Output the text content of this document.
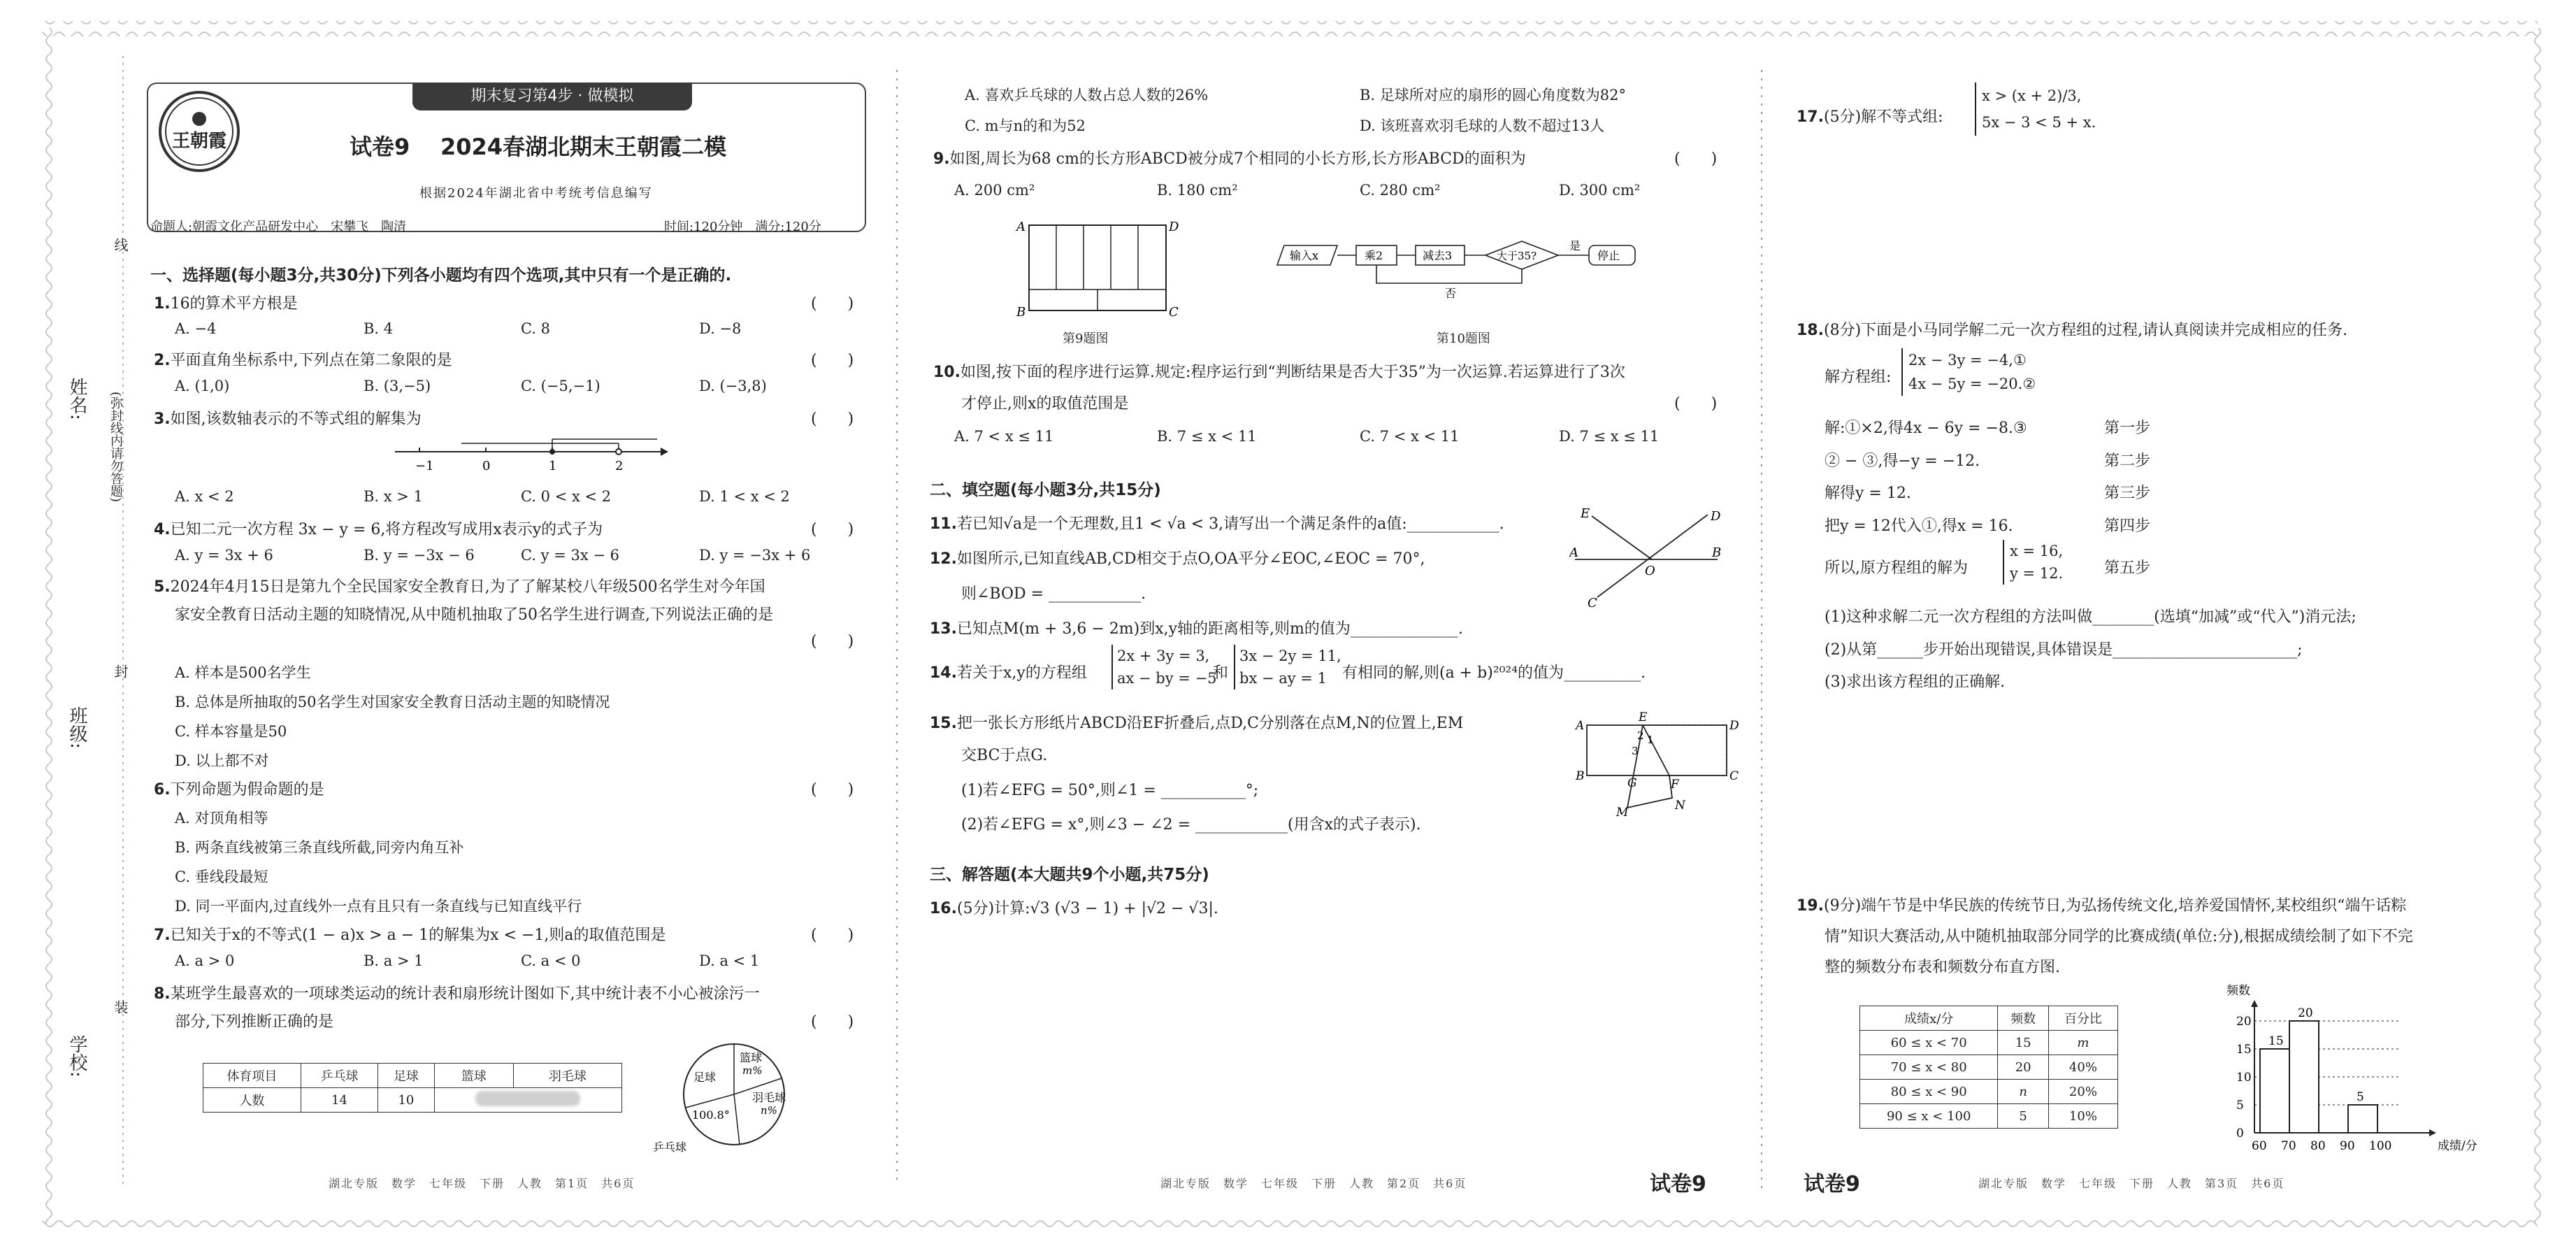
姓名:
班级:
学校:
线
封
装
(弥封线内请勿答题)
期末复习第4步 · 做模拟
王朝霞	试卷9 2024春湖北期末王朝霞二模
根据2024年湖北省中考统考信息编写
命题人:朝霞文化产品研发中心　宋攀飞　陶清	时间:120分钟　满分:120分
一、选择题(每小题3分,共30分)下列各小题均有四个选项,其中只有一个是正确的.
1.16的算术平方根是	(　　)
A. −4	B. 4	C. 8	D. −8
2.平面直角坐标系中,下列点在第二象限的是	(　　)
A. (1,0)	B. (3,−5)	C. (−5,−1)	D. (−3,8)
3.如图,该数轴表示的不等式组的解集为	(　　)
−1	0	1	2
A. x < 2	B. x > 1	C. 0 < x < 2	D. 1 < x < 2
4.已知二元一次方程 3x − y = 6,将方程改写成用x表示y的式子为	(　　)
A. y = 3x + 6	B. y = −3x − 6	C. y = 3x − 6	D. y = −3x + 6
5.2024年4月15日是第九个全民国家安全教育日,为了了解某校八年级500名学生对今年国
家安全教育日活动主题的知晓情况,从中随机抽取了50名学生进行调查,下列说法正确的是
(　　)
A. 样本是500名学生
B. 总体是所抽取的50名学生对国家安全教育日活动主题的知晓情况
C. 样本容量是50
D. 以上都不对
6.下列命题为假命题的是	(　　)
A. 对顶角相等
B. 两条直线被第三条直线所截,同旁内角互补
C. 垂线段最短
D. 同一平面内,过直线外一点有且只有一条直线与已知直线平行
7.已知关于x的不等式(1 − a)x > a − 1的解集为x < −1,则a的取值范围是	(　　)
A. a > 0	B. a > 1	C. a < 0	D. a < 1
8.某班学生最喜欢的一项球类运动的统计表和扇形统计图如下,其中统计表不小心被涂污一
部分,下列推断正确的是	(　　)
体育项目	乒乓球	足球	篮球	羽毛球
人数	14	10		
篮球
m%
足球
羽毛球
n%
100.8°
乒乓球
湖北专版　数学　七年级　下册　人教　第1页　共6页
A. 喜欢乒乓球的人数占总人数的26%	B. 足球所对应的扇形的圆心角度数为82°
C. m与n的和为52	D. 该班喜欢羽毛球的人数不超过13人
9.如图,周长为68 cm的长方形ABCD被分成7个相同的小长方形,长方形ABCD的面积为	(　　)
A. 200 cm²	B. 180 cm²	C. 280 cm²	D. 300 cm²
A	D
B	C
第9题图
输入x	乘2	减去3	大于35?	停止
是
否
第10题图
10.如图,按下面的程序进行运算.规定:程序运行到“判断结果是否大于35”为一次运算.若运算进行了3次
才停止,则x的取值范围是	(　　)
A. 7 < x ≤ 11	B. 7 ≤ x < 11	C. 7 < x < 11	D. 7 ≤ x ≤ 11
二、填空题(每小题3分,共15分)
11.若已知√a是一个无理数,且1 < √a < 3,请写出一个满足条件的a值:____________.
12.如图所示,已知直线AB,CD相交于点O,OA平分∠EOC,∠EOC = 70°,
则∠BOD = ____________.
E	D
A
O
B
C
13.已知点M(m + 3,6 − 2m)到x,y轴的距离相等,则m的值为______________.
14.若关于x,y的方程组
2x + 3y = 3,
ax − by = −5
和
3x − 2y = 11,
bx − ay = 1	有相同的解,则(a + b)²⁰²⁴的值为__________.
15.把一张长方形纸片ABCD沿EF折叠后,点D,C分别落在点M,N的位置上,EM
交BC于点G.
(1)若∠EFG = 50°,则∠1 = ___________°;
(2)若∠EFG = x°,则∠3 − ∠2 = ____________(用含x的式子表示).
A
E
D
B	G	F
C
M	N
1
2
3
三、解答题(本大题共9个小题,共75分)
16.(5分)计算:√3 (√3 − 1) + |√2 − √3|.
湖北专版　数学　七年级　下册　人教　第2页　共6页	试卷9
17.(5分)解不等式组:
x > (x + 2)/3,
5x − 3 < 5 + x.
18.(8分)下面是小马同学解二元一次方程组的过程,请认真阅读并完成相应的任务.
解方程组:
2x − 3y = −4,①
4x − 5y = −20.②
解:①×2,得4x − 6y = −8.③	第一步
② − ③,得−y = −12.	第二步
解得y = 12.	第三步
把y = 12代入①,得x = 16.	第四步
所以,原方程组的解为
x = 16,
y = 12.	第五步
(1)这种求解二元一次方程组的方法叫做________(选填“加减”或“代入”)消元法;
(2)从第______步开始出现错误,具体错误是________________________;
(3)求出该方程组的正确解.
19.(9分)端午节是中华民族的传统节日,为弘扬传统文化,培养爱国情怀,某校组织“端午话粽
情”知识大赛活动,从中随机抽取部分同学的比赛成绩(单位:分),根据成绩绘制了如下不完
整的频数分布表和频数分布直方图.
成绩x/分	频数	百分比
60 ≤ x < 70	15	m
70 ≤ x < 80	20	40%
80 ≤ x < 90	n	20%
90 ≤ x < 100	5	10%
频数
成绩/分
0
5
10
15
20
60 70 80 90 100
15
20
5
湖北专版　数学　七年级　下册　人教　第3页　共6页
试卷9
